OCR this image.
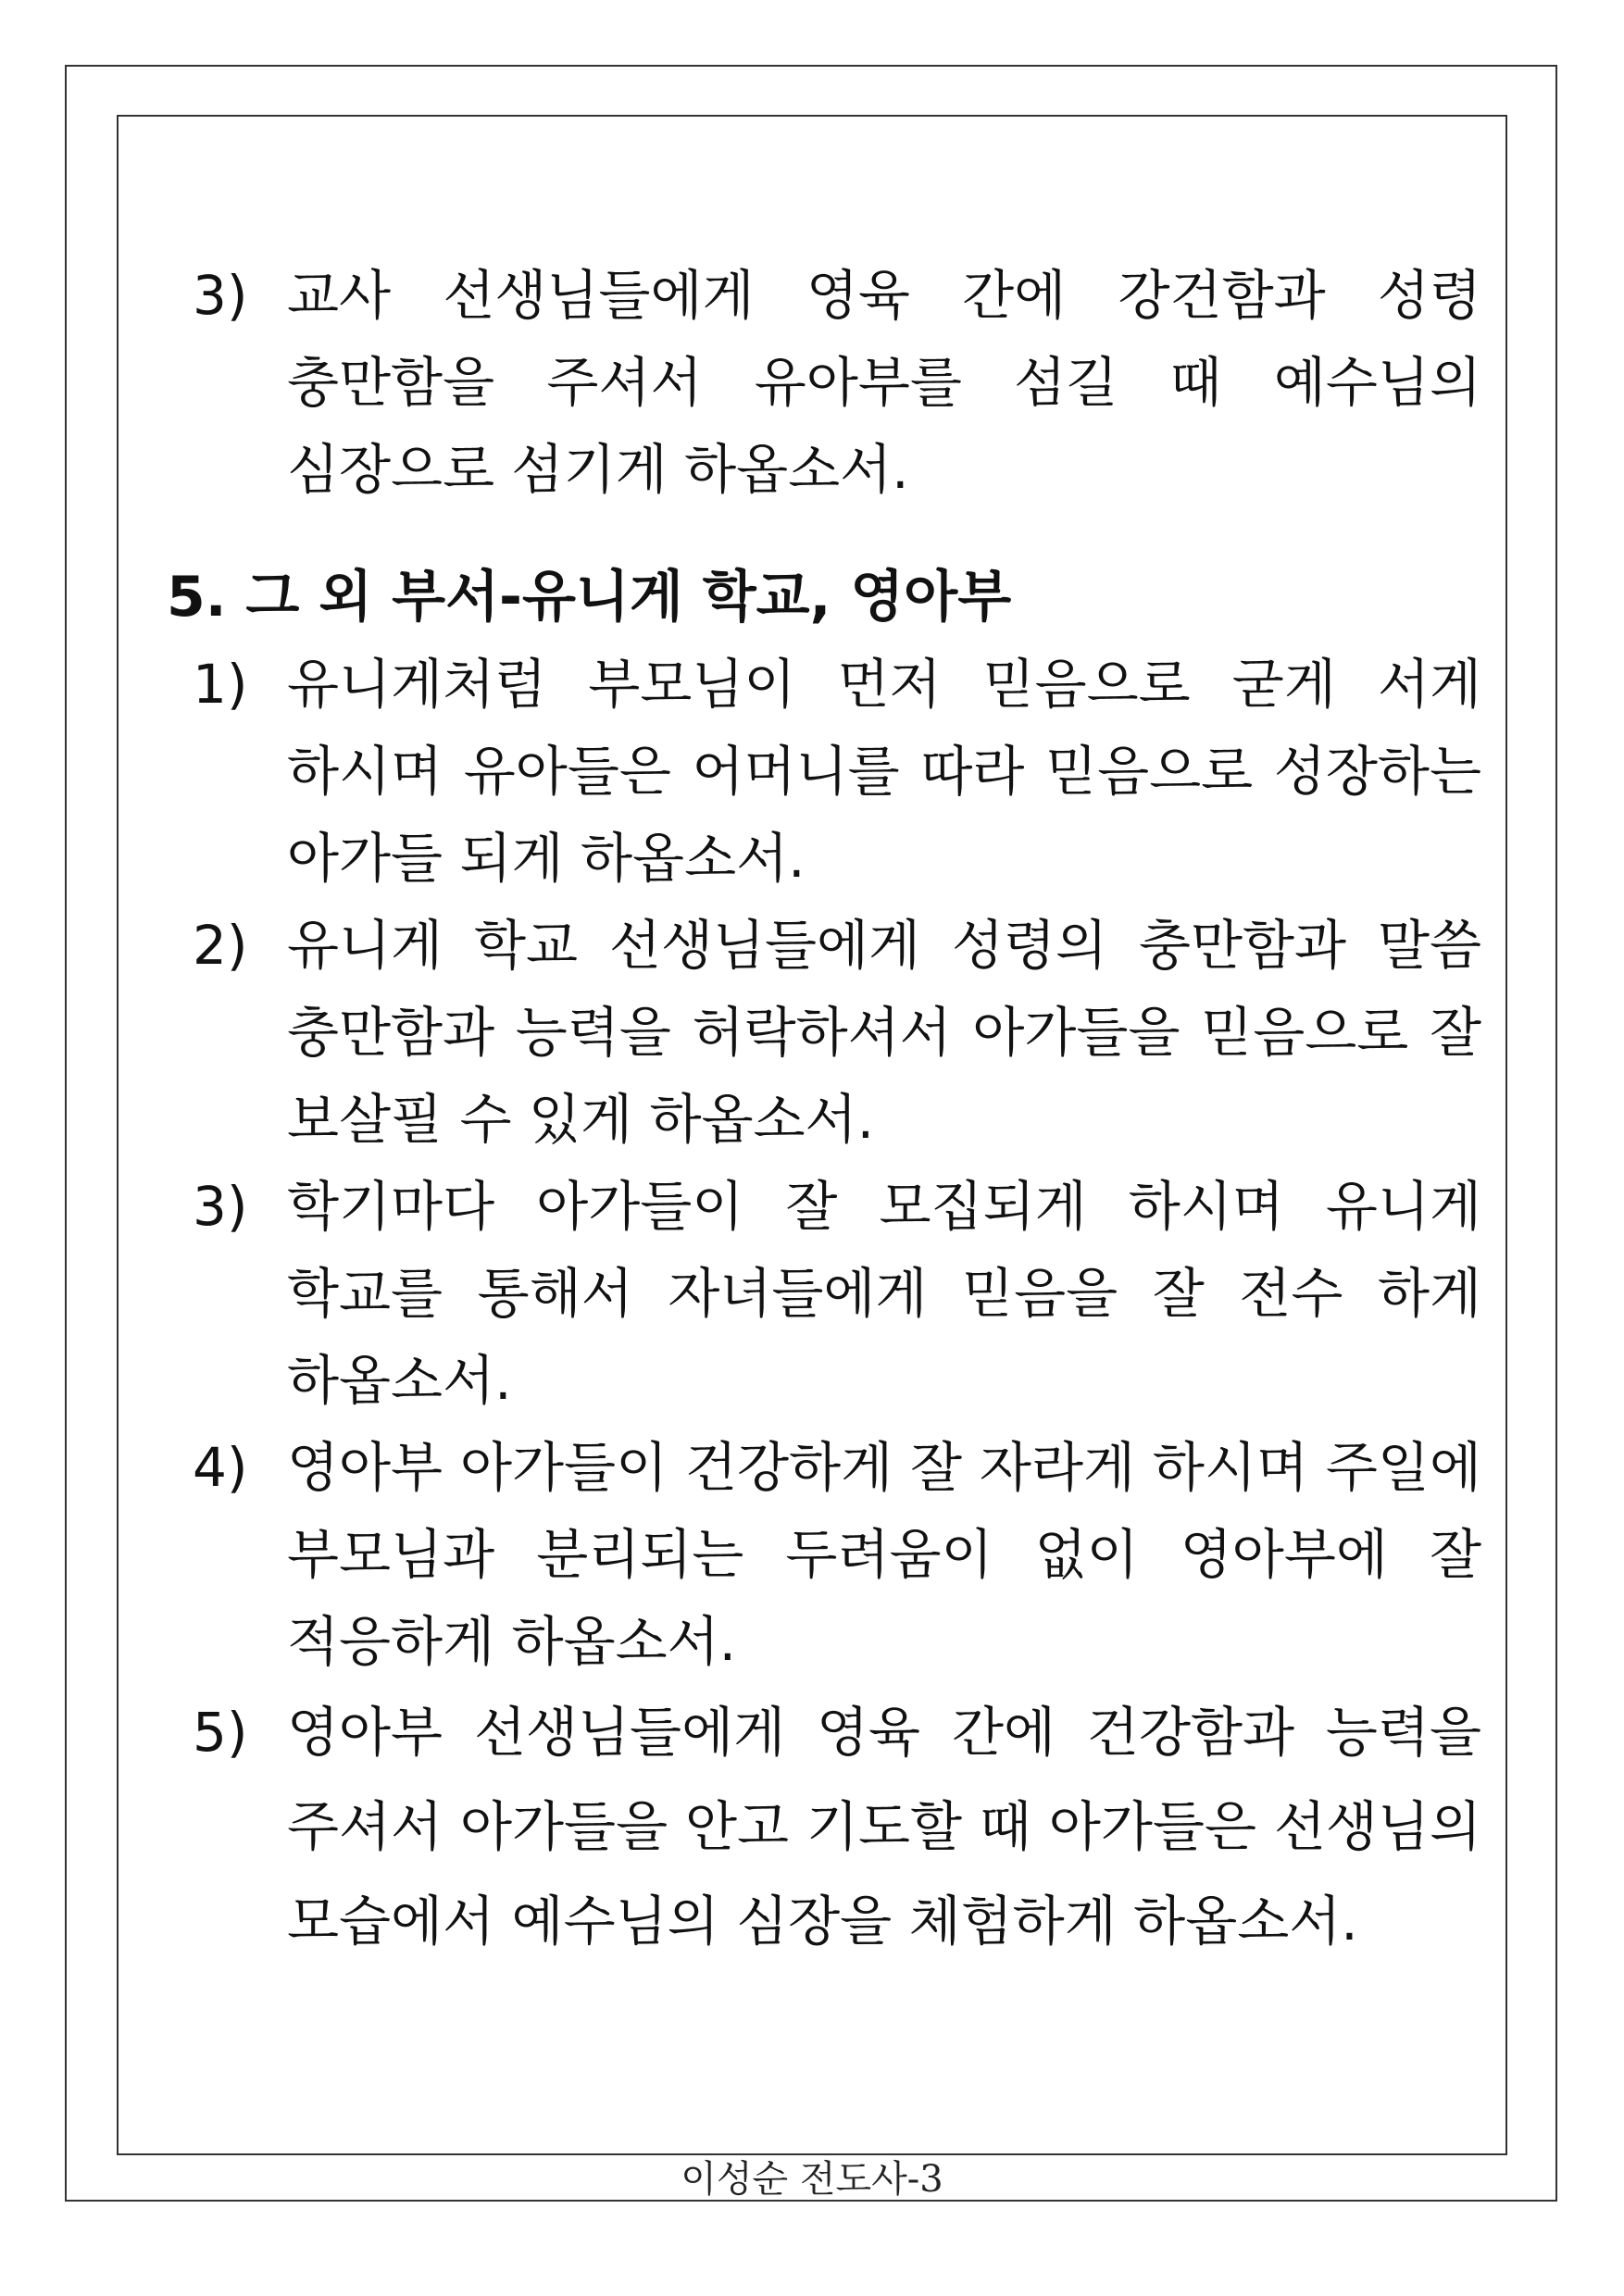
3) 교사 선생님들에게 영육 간에 강건함과 성령 충만함을 주셔서 유아부를 섬길 때 예수님의 심장으로 섬기게 하옵소서.
5. 그 외 부서-유니게 학교, 영아부
1) 유니게처럼 부모님이 먼저 믿음으로 굳게 서게 하시며 유아들은 어머니를 따라 믿음으로 성장하는 아가들 되게 하옵소서.
2) 유니게 학교 선생님들에게 성령의 충만함과 말씀 충만함과 능력을 허락하셔서 아가들을 믿음으로 잘 보살필 수 있게 하옵소서.
3) 학기마다 아가들이 잘 모집되게 하시며 유니게 학교를 통해서 자녀들에게 믿음을 잘 전수 하게 하옵소서.
4) 영아부 아가들이 건강하게 잘 자라게 하시며 주일에 부모님과 분리되는 두려움이 없이 영아부에 잘 적응하게 하옵소서.
5) 영아부 선생님들에게 영육 간에 건강함과 능력을 주셔서 아가들을 안고 기도할 때 아가들은 선생님의 모습에서 예수님의 심장을 체험하게 하옵소서.
이성순 전도사-3
